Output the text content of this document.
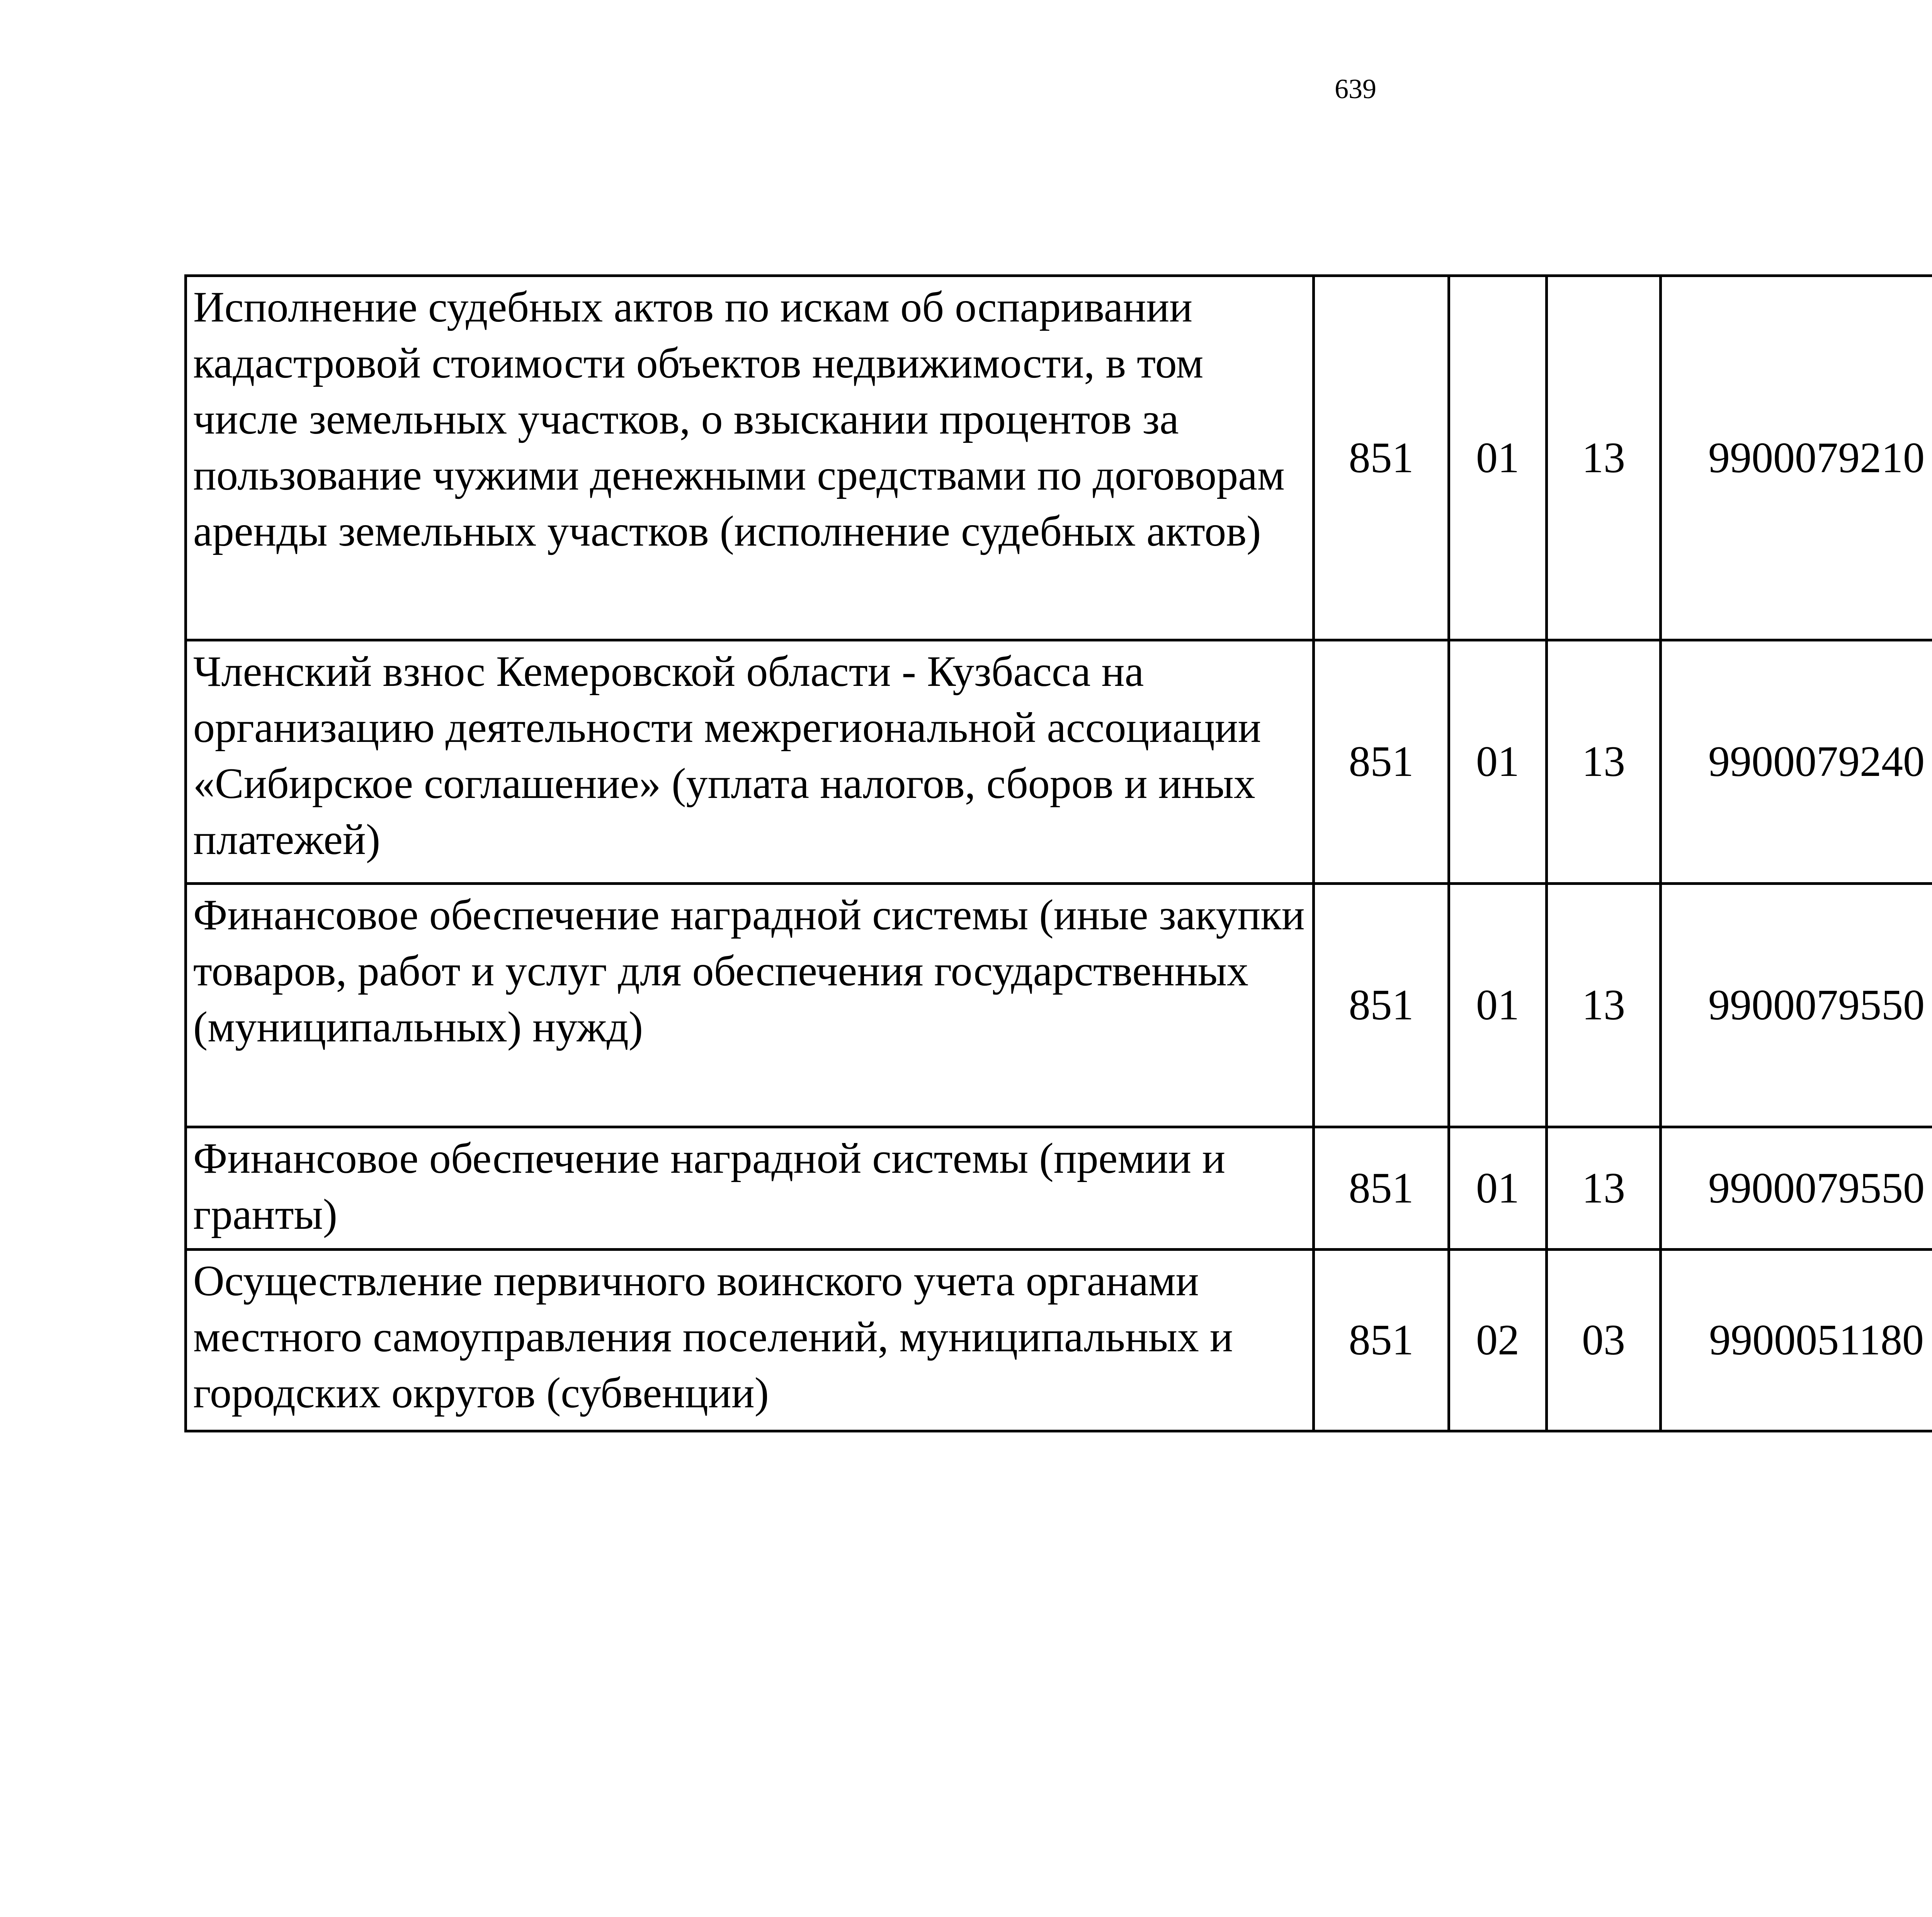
639
Исполнение судебных актов по искам об оспаривании кадастровой стоимости объектов недвижимости, в том числе земельных участков, о взыскании процентов за пользование чужими денежными средствами по договорам аренды земельных участков (исполнение судебных актов)	851	01	13	9900079210		
Членский взнос Кемеровской области - Кузбасса на организацию деятельности межрегиональной ассоциации «Сибирское соглашение» (уплата налогов, сборов и иных платежей)	851	01	13	9900079240		
Финансовое обеспечение наградной системы (иные закупки товаров, работ и услуг для обеспечения государственных (муниципальных) нужд)	851	01	13	9900079550		
Финансовое обеспечение наградной системы (премии и гранты)	851	01	13	9900079550		
Осуществление первичного воинского учета органами местного самоуправления поселений, муниципальных и городских округов (субвенции)	851	02	03	9900051180		
